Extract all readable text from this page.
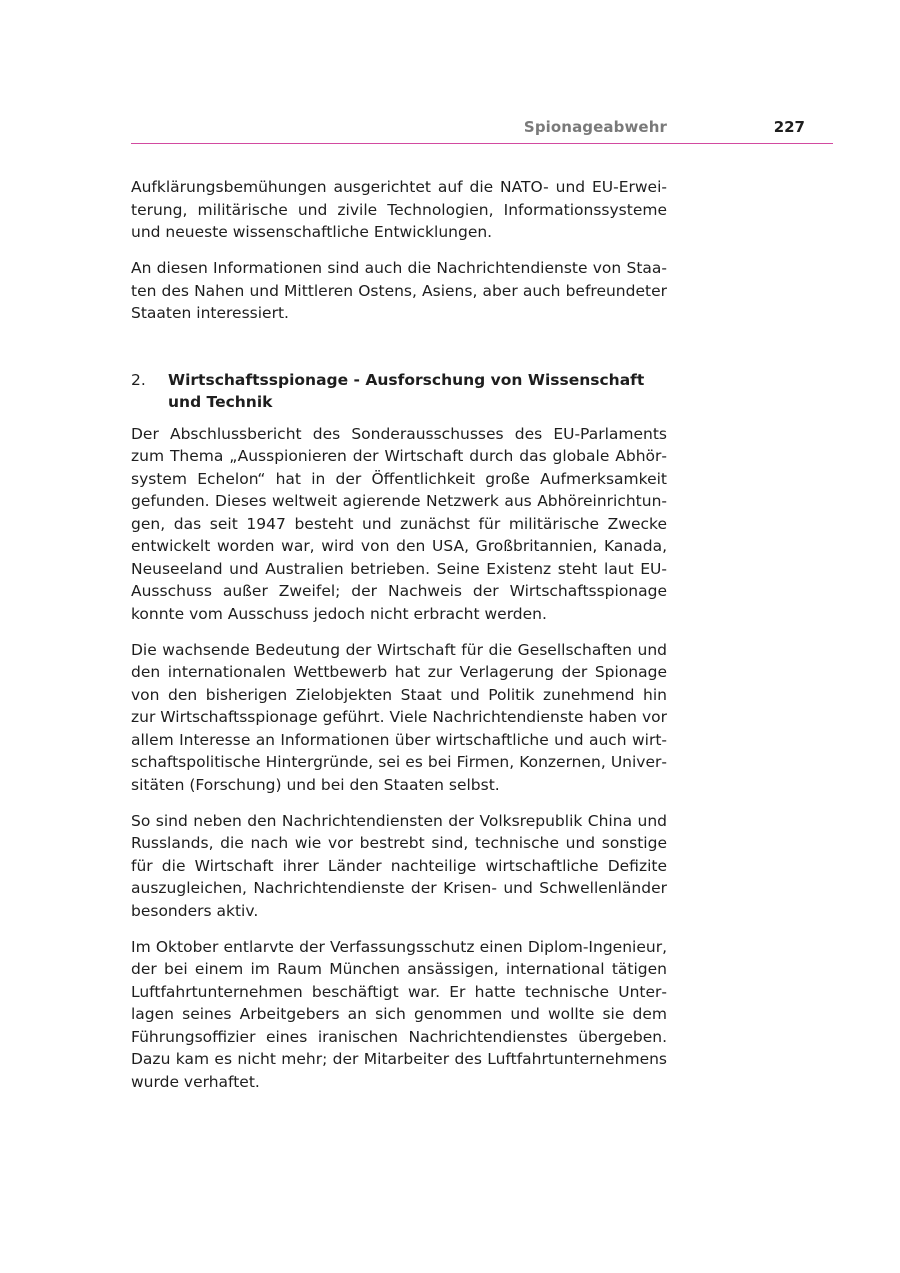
Spionageabwehr	227

Aufklärungsbemühungen ausgerichtet auf die NATO- und EU-Erweiterung, militärische und zivile Technologien, Informationssysteme und neueste wissenschaftliche Entwicklungen.

An diesen Informationen sind auch die Nachrichtendienste von Staaten des Nahen und Mittleren Ostens, Asiens, aber auch befreundeter Staaten interessiert.

2.	Wirtschaftsspionage - Ausforschung von Wissenschaft und Technik

Der Abschlussbericht des Sonderausschusses des EU-Parlaments zum Thema „Ausspionieren der Wirtschaft durch das globale Abhörsystem Echelon“ hat in der Öffentlichkeit große Aufmerksamkeit gefunden. Dieses weltweit agierende Netzwerk aus Abhöreinrichtungen, das seit 1947 besteht und zunächst für militärische Zwecke entwickelt worden war, wird von den USA, Großbritannien, Kanada, Neuseeland und Australien betrieben. Seine Existenz steht laut EU-Ausschuss außer Zweifel; der Nachweis der Wirtschaftsspionage konnte vom Ausschuss jedoch nicht erbracht werden.

Die wachsende Bedeutung der Wirtschaft für die Gesellschaften und den internationalen Wettbewerb hat zur Verlagerung der Spionage von den bisherigen Zielobjekten Staat und Politik zunehmend hin zur Wirtschaftsspionage geführt. Viele Nachrichtendienste haben vor allem Interesse an Informationen über wirtschaftliche und auch wirtschaftspolitische Hintergründe, sei es bei Firmen, Konzernen, Universitäten (Forschung) und bei den Staaten selbst.

So sind neben den Nachrichtendiensten der Volksrepublik China und Russlands, die nach wie vor bestrebt sind, technische und sonstige für die Wirtschaft ihrer Länder nachteilige wirtschaftliche Defizite auszugleichen, Nachrichtendienste der Krisen- und Schwellenländer besonders aktiv.

Im Oktober entlarvte der Verfassungsschutz einen Diplom-Ingenieur, der bei einem im Raum München ansässigen, international tätigen Luftfahrtunternehmen beschäftigt war. Er hatte technische Unterlagen seines Arbeitgebers an sich genommen und wollte sie dem Führungsoffizier eines iranischen Nachrichtendienstes übergeben. Dazu kam es nicht mehr; der Mitarbeiter des Luftfahrtunternehmens wurde verhaftet.
